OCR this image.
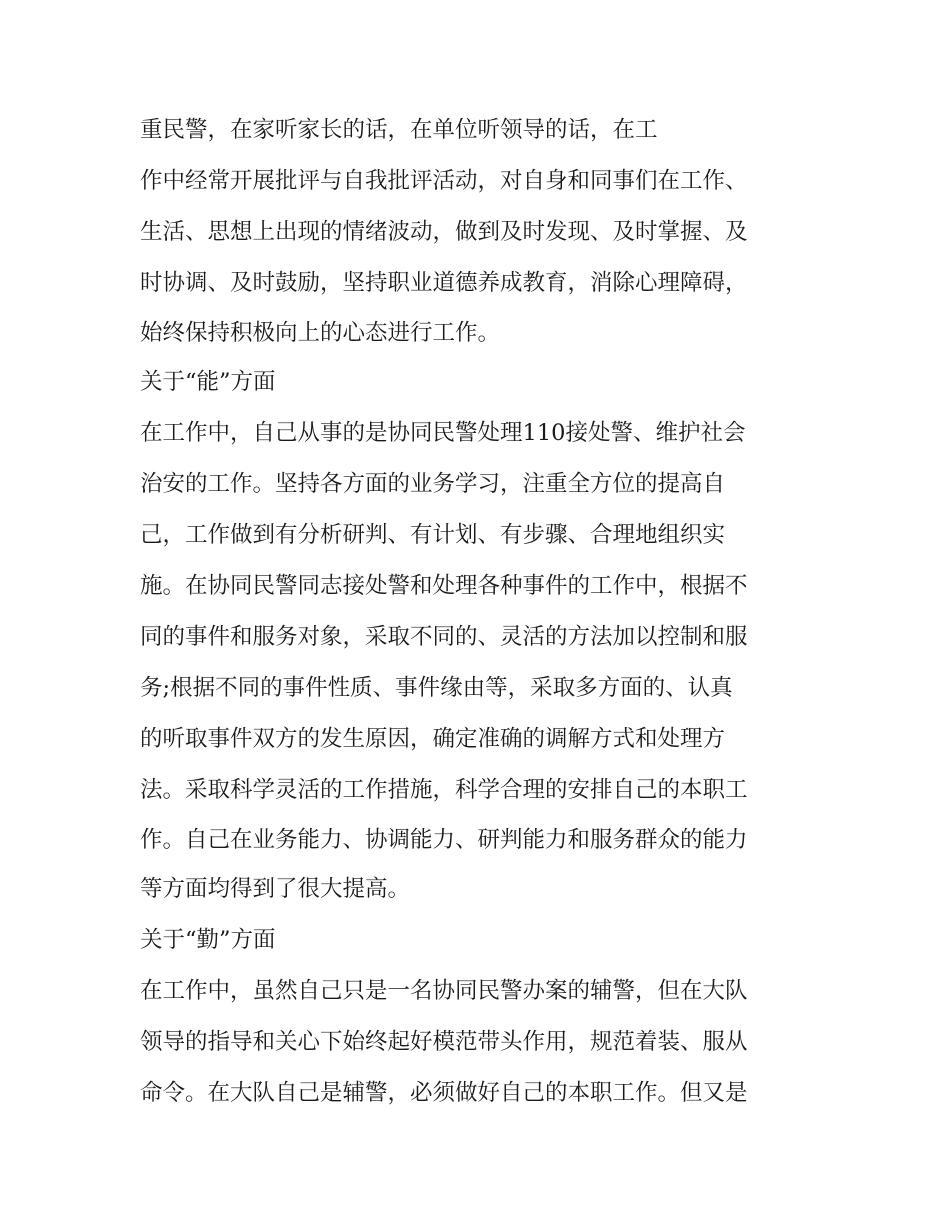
重民警，在家听家长的话，在单位听领导的话，在工
作中经常开展批评与自我批评活动，对自身和同事们在工作、
生活、思想上出现的情绪波动，做到及时发现、及时掌握、及
时协调、及时鼓励，坚持职业道德养成教育，消除心理障碍，
始终保持积极向上的心态进行工作。
关于“能”方面
在工作中，自己从事的是协同民警处理110接处警、维护社会
治安的工作。坚持各方面的业务学习，注重全方位的提高自
己，工作做到有分析研判、有计划、有步骤、合理地组织实
施。在协同民警同志接处警和处理各种事件的工作中，根据不
同的事件和服务对象，采取不同的、灵活的方法加以控制和服
务;根据不同的事件性质、事件缘由等，采取多方面的、认真
的听取事件双方的发生原因，确定准确的调解方式和处理方
法。采取科学灵活的工作措施，科学合理的安排自己的本职工
作。自己在业务能力、协调能力、研判能力和服务群众的能力
等方面均得到了很大提高。
关于“勤”方面
在工作中，虽然自己只是一名协同民警办案的辅警，但在大队
领导的指导和关心下始终起好模范带头作用，规范着装、服从
命令。在大队自己是辅警，必须做好自己的本职工作。但又是
